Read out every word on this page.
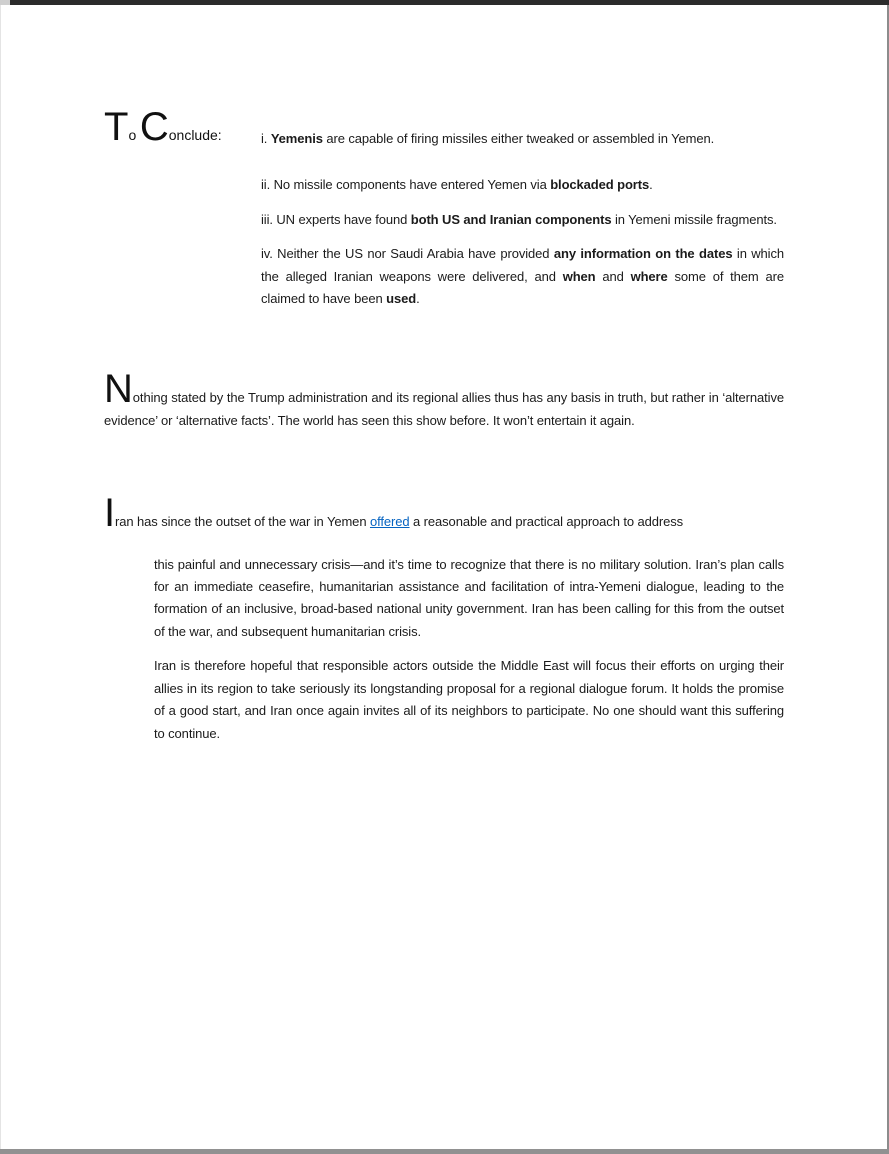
To Conclude:	i. Yemenis are capable of firing missiles either tweaked or assembled in Yemen.

ii. No missile components have entered Yemen via blockaded ports.

iii. UN experts have found both US and Iranian components in Yemeni missile fragments.

iv. Neither the US nor Saudi Arabia have provided any information on the dates in which the alleged Iranian weapons were delivered, and when and where some of them are claimed to have been used.

Nothing stated by the Trump administration and its regional allies thus has any basis in truth, but rather in ‘alternative evidence’ or ‘alternative facts’. The world has seen this show before. It won’t entertain it again.

Iran has since the outset of the war in Yemen offered a reasonable and practical approach to address

this painful and unnecessary crisis—and it’s time to recognize that there is no military solution. Iran’s plan calls for an immediate ceasefire, humanitarian assistance and facilitation of intra-Yemeni dialogue, leading to the formation of an inclusive, broad-based national unity government. Iran has been calling for this from the outset of the war, and subsequent humanitarian crisis.

Iran is therefore hopeful that responsible actors outside the Middle East will focus their efforts on urging their allies in its region to take seriously its longstanding proposal for a regional dialogue forum. It holds the promise of a good start, and Iran once again invites all of its neighbors to participate. No one should want this suffering to continue.
